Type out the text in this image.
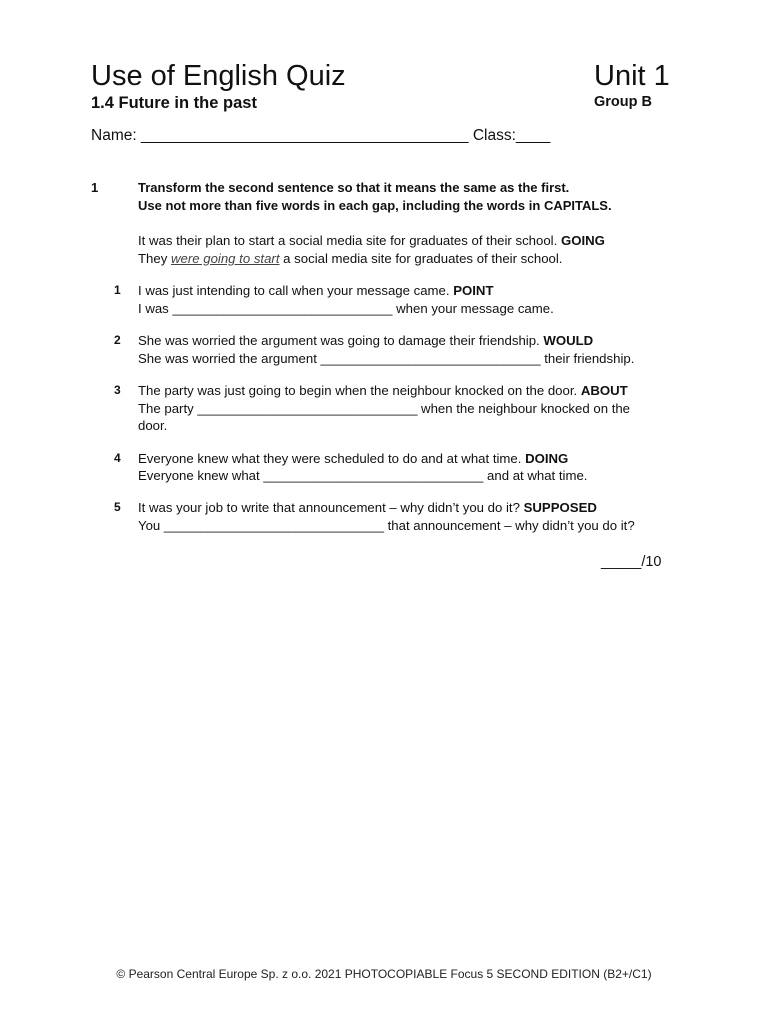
Use of English Quiz	Unit 1
1.4 Future in the past	Group B
Name: ______________________________________ Class:____
1	Transform the second sentence so that it means the same as the first.
Use not more than five words in each gap, including the words in CAPITALS.
It was their plan to start a social media site for graduates of their school. GOING
They were going to start a social media site for graduates of their school.
1 I was just intending to call when your message came. POINT
I was ______________________________ when your message came.
2 She was worried the argument was going to damage their friendship. WOULD
She was worried the argument ______________________________ their friendship.
3 The party was just going to begin when the neighbour knocked on the door. ABOUT
The party ______________________________ when the neighbour knocked on the
door.
4 Everyone knew what they were scheduled to do and at what time. DOING
Everyone knew what ______________________________ and at what time.
5 It was your job to write that announcement – why didn’t you do it? SUPPOSED
You ______________________________ that announcement – why didn’t you do it?
_____/10
© Pearson Central Europe Sp. z o.o. 2021 PHOTOCOPIABLE Focus 5 SECOND EDITION (B2+/C1)
